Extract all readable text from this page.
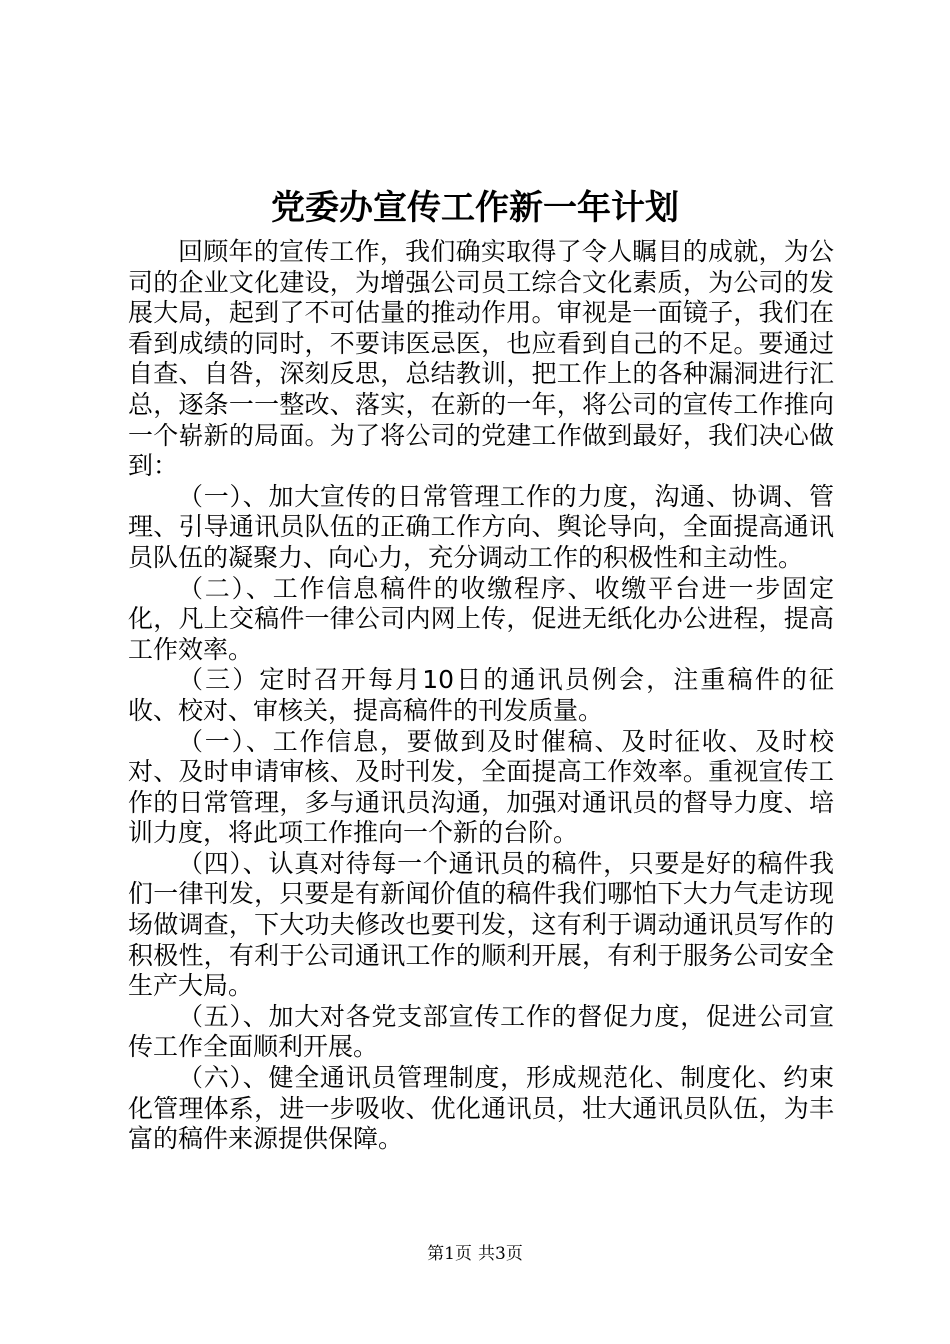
党委办宣传工作新一年计划

回顾年的宣传工作，我们确实取得了令人瞩目的成就，为公司的企业文化建设，为增强公司员工综合文化素质，为公司的发展大局，起到了不可估量的推动作用。审视是一面镜子，我们在看到成绩的同时，不要讳医忌医，也应看到自己的不足。要通过自查、自咎，深刻反思，总结教训，把工作上的各种漏洞进行汇总，逐条一一整改、落实，在新的一年，将公司的宣传工作推向一个崭新的局面。为了将公司的党建工作做到最好，我们决心做到：

（一）、加大宣传的日常管理工作的力度，沟通、协调、管理、引导通讯员队伍的正确工作方向、舆论导向，全面提高通讯员队伍的凝聚力、向心力，充分调动工作的积极性和主动性。

（二）、工作信息稿件的收缴程序、收缴平台进一步固定化，凡上交稿件一律公司内网上传，促进无纸化办公进程，提高工作效率。

（三）定时召开每月10日的通讯员例会，注重稿件的征收、校对、审核关，提高稿件的刊发质量。

（一）、工作信息，要做到及时催稿、及时征收、及时校对、及时申请审核、及时刊发，全面提高工作效率。重视宣传工作的日常管理，多与通讯员沟通，加强对通讯员的督导力度、培训力度，将此项工作推向一个新的台阶。

（四）、认真对待每一个通讯员的稿件，只要是好的稿件我们一律刊发，只要是有新闻价值的稿件我们哪怕下大力气走访现场做调查，下大功夫修改也要刊发，这有利于调动通讯员写作的积极性，有利于公司通讯工作的顺利开展，有利于服务公司安全生产大局。

（五）、加大对各党支部宣传工作的督促力度，促进公司宣传工作全面顺利开展。

（六）、健全通讯员管理制度，形成规范化、制度化、约束化管理体系，进一步吸收、优化通讯员，壮大通讯员队伍，为丰富的稿件来源提供保障。

第1页 共3页
